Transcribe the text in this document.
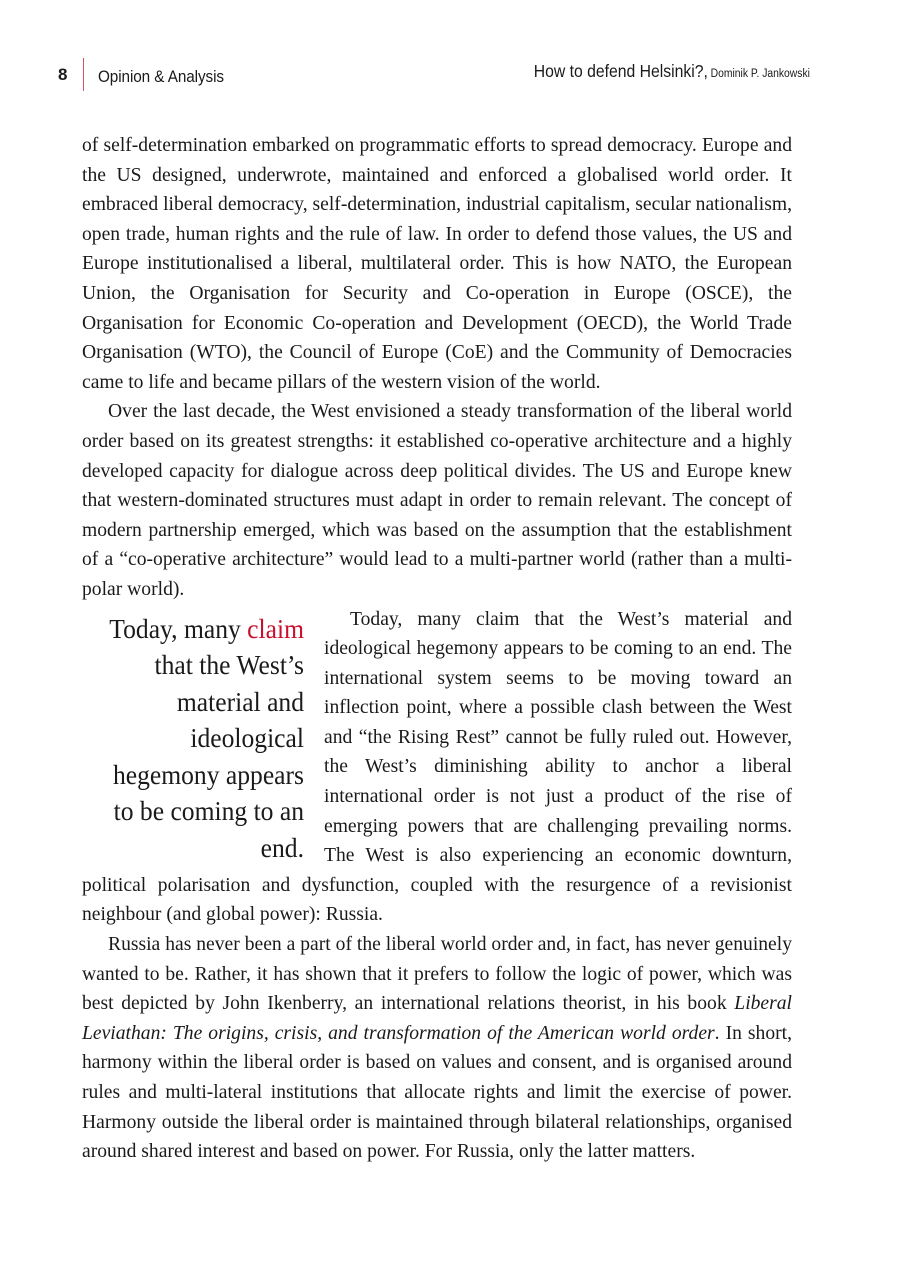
8 Opinion & Analysis	How to defend Helsinki?, Dominik P. Jankowski

of self-determination embarked on programmatic efforts to spread democracy. Europe and the US designed, underwrote, maintained and enforced a globalised world order. It embraced liberal democracy, self-determination, industrial capitalism, secular nationalism, open trade, human rights and the rule of law. In order to defend those values, the US and Europe institutionalised a liberal, multilateral order. This is how NATO, the European Union, the Organisation for Security and Co-operation in Europe (OSCE), the Organisation for Economic Co-operation and Development (OECD), the World Trade Organisation (WTO), the Council of Europe (CoE) and the Community of Democracies came to life and became pillars of the western vision of the world.

Over the last decade, the West envisioned a steady transformation of the liberal world order based on its greatest strengths: it established co-operative architecture and a highly developed capacity for dialogue across deep political divides. The US and Europe knew that western-dominated structures must adapt in order to remain relevant. The concept of modern partnership emerged, which was based on the assumption that the establishment of a “co-operative architecture” would lead to a multi-partner world (rather than a multi-polar world).

Today, many claim that the West’s material and ideological hegemony appears to be coming to an end.

Today, many claim that the West’s material and ideological hegemony appears to be coming to an end. The international system seems to be moving toward an inflection point, where a possible clash between the West and “the Rising Rest” cannot be fully ruled out. However, the West’s diminishing ability to anchor a liberal international order is not just a product of the rise of emerging powers that are challenging prevailing norms. The West is also experiencing an economic downturn, political polarisation and dysfunction, coupled with the resurgence of a revisionist neighbour (and global power): Russia.

Russia has never been a part of the liberal world order and, in fact, has never genuinely wanted to be. Rather, it has shown that it prefers to follow the logic of power, which was best depicted by John Ikenberry, an international relations theorist, in his book Liberal Leviathan: The origins, crisis, and transformation of the American world order. In short, harmony within the liberal order is based on values and consent, and is organised around rules and multi-lateral institutions that allocate rights and limit the exercise of power. Harmony outside the liberal order is maintained through bilateral relationships, organised around shared interest and based on power. For Russia, only the latter matters.
